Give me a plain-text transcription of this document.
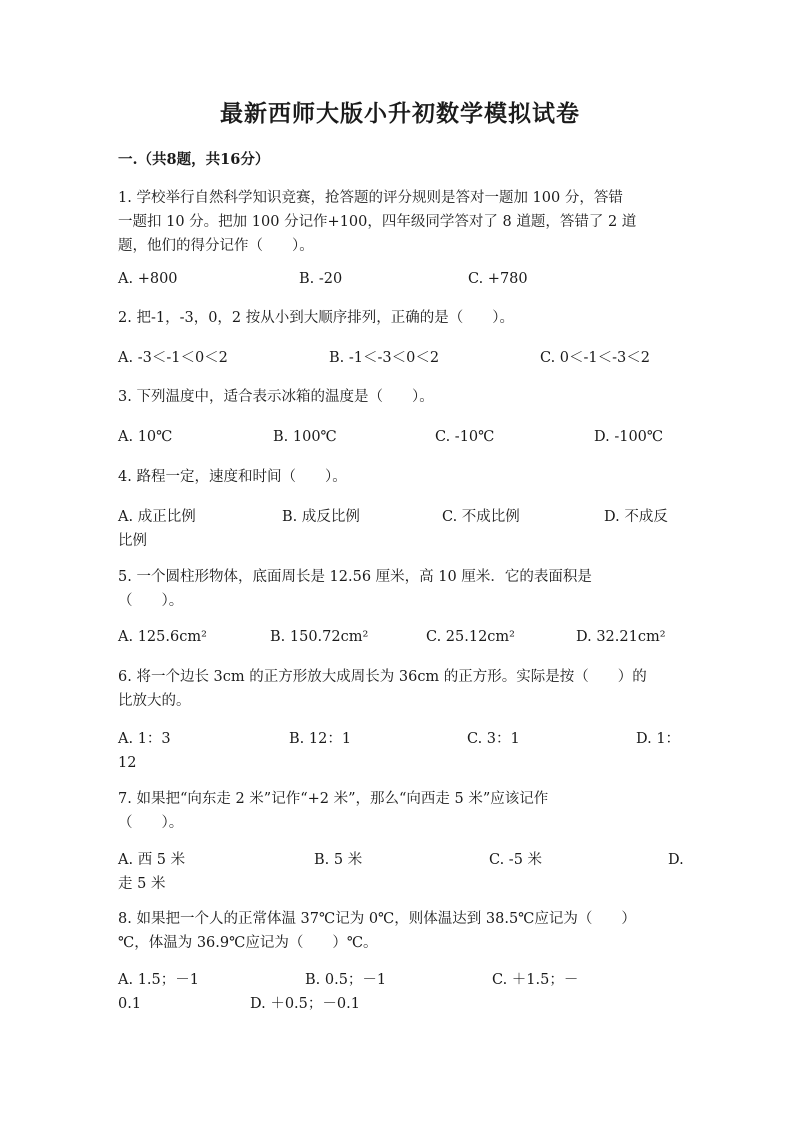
最新西师大版小升初数学模拟试卷
一.（共8题，共16分）
1. 学校举行自然科学知识竞赛，抢答题的评分规则是答对一题加 100 分，答错
一题扣 10 分。把加 100 分记作+100，四年级同学答对了 8 道题，答错了 2 道
题，他们的得分记作（　　）。
A. +800	B. -20	C. +780
2. 把-1，-3，0，2 按从小到大顺序排列，正确的是（　　）。
A. -3＜-1＜0＜2	B. -1＜-3＜0＜2	C. 0＜-1＜-3＜2
3. 下列温度中，适合表示冰箱的温度是（　　）。
A. 10℃	B. 100℃	C. -10℃	D. -100℃
4. 路程一定，速度和时间（　　）。
A. 成正比例	B. 成反比例	C. 不成比例	D. 不成反
比例
5. 一个圆柱形物体，底面周长是 12.56 厘米，高 10 厘米．它的表面积是
（　　）。
A. 125.6cm²	B. 150.72cm²	C. 25.12cm²	D. 32.21cm²
6. 将一个边长 3cm 的正方形放大成周长为 36cm 的正方形。实际是按（　　）的
比放大的。
A. 1：3	B. 12：1	C. 3：1	D. 1：
12
7. 如果把“向东走 2 米”记作“+2 米”，那么“向西走 5 米”应该记作
（　　）。
A. 西 5 米	B. 5 米	C. -5 米	D.
走 5 米
8. 如果把一个人的正常体温 37℃记为 0℃，则体温达到 38.5℃应记为（　　）
℃，体温为 36.9℃应记为（　　）℃。
A. 1.5；－1	B. 0.5；－1	C. ＋1.5；－
0.1	D. ＋0.5；－0.1
